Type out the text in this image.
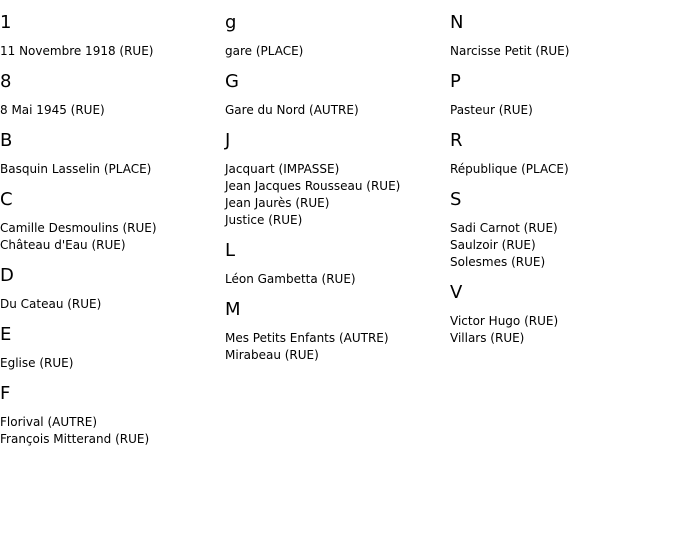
1
11 Novembre 1918 (RUE)
8
8 Mai 1945 (RUE)
B
Basquin Lasselin (PLACE)
C
Camille Desmoulins (RUE)
Château d'Eau (RUE)
D
Du Cateau (RUE)
E
Eglise (RUE)
F
Florival (AUTRE)
François Mitterand (RUE)
g
gare (PLACE)
G
Gare du Nord (AUTRE)
J
Jacquart (IMPASSE)
Jean Jacques Rousseau (RUE)
Jean Jaurès (RUE)
Justice (RUE)
L
Léon Gambetta (RUE)
M
Mes Petits Enfants (AUTRE)
Mirabeau (RUE)
N
Narcisse Petit (RUE)
P
Pasteur (RUE)
R
République (PLACE)
S
Sadi Carnot (RUE)
Saulzoir (RUE)
Solesmes (RUE)
V
Victor Hugo (RUE)
Villars (RUE)
